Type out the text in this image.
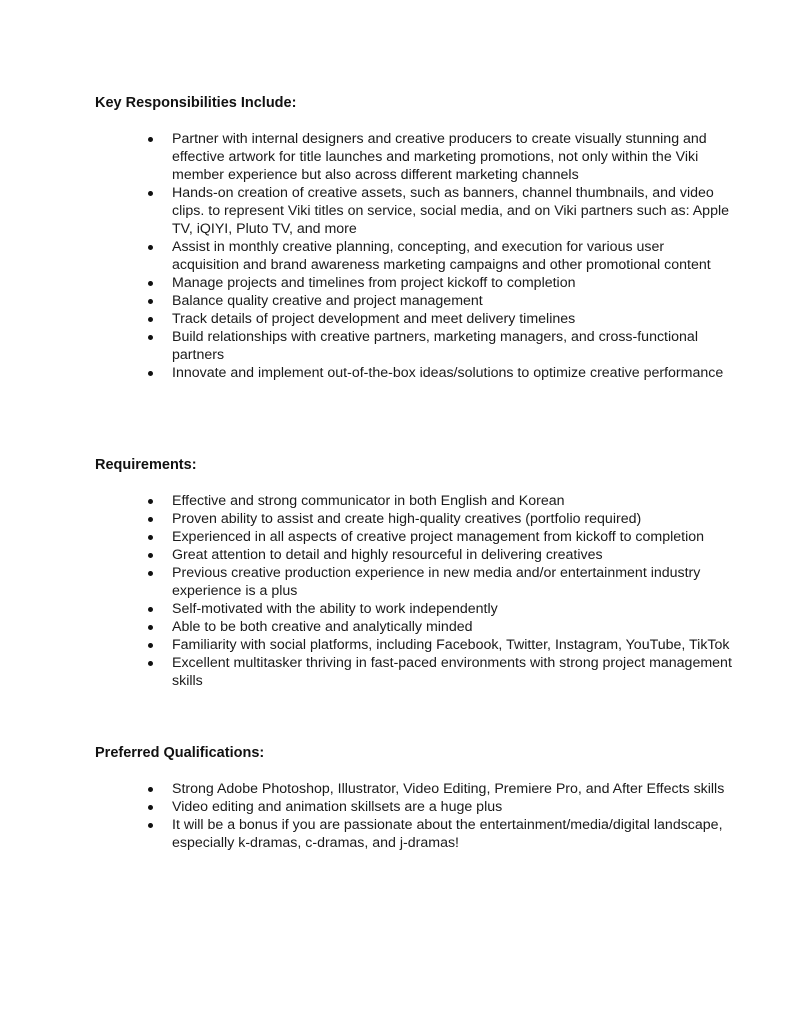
Key Responsibilities Include:
Partner with internal designers and creative producers to create visually stunning and effective artwork for title launches and marketing promotions, not only within the Viki member experience but also across different marketing channels
Hands-on creation of creative assets, such as banners, channel thumbnails, and video clips. to represent Viki titles on service, social media, and on Viki partners such as: Apple TV, iQIYI, Pluto TV, and more
Assist in monthly creative planning, concepting, and execution for various user acquisition and brand awareness marketing campaigns and other promotional content
Manage projects and timelines from project kickoff to completion
Balance quality creative and project management
Track details of project development and meet delivery timelines
Build relationships with creative partners, marketing managers, and cross-functional partners
Innovate and implement out-of-the-box ideas/solutions to optimize creative performance
Requirements:
Effective and strong communicator in both English and Korean
Proven ability to assist and create high-quality creatives (portfolio required)
Experienced in all aspects of creative project management from kickoff to completion
Great attention to detail and highly resourceful in delivering creatives
Previous creative production experience in new media and/or entertainment industry experience is a plus
Self-motivated with the ability to work independently
Able to be both creative and analytically minded
Familiarity with social platforms, including Facebook, Twitter, Instagram, YouTube, TikTok
Excellent multitasker thriving in fast-paced environments with strong project management skills
Preferred Qualifications:
Strong Adobe Photoshop, Illustrator, Video Editing, Premiere Pro, and After Effects skills
Video editing and animation skillsets are a huge plus
It will be a bonus if you are passionate about the entertainment/media/digital landscape, especially k-dramas, c-dramas, and j-dramas!
